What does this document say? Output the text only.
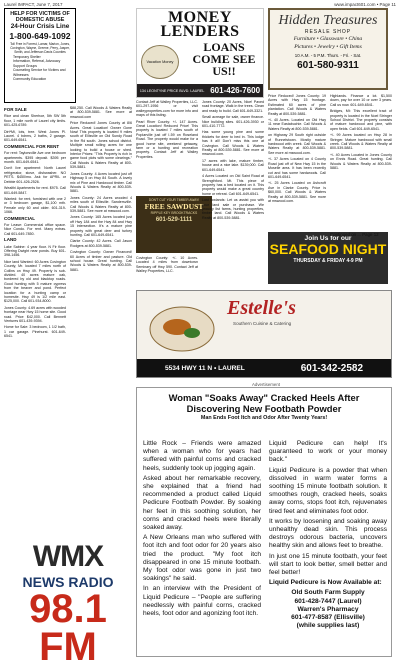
Laurel IMPACT, June 7, 2017	www.impact601.com • Page 11
HELP FOR VICTIMS OF DOMESTIC ABUSE
24-Hour Crisis Line
1-800-649-1092
Toll Free in Forrest, Lamar, Marion, Jones, Covington, Wayne, Greene, Perry, Jasper, Smith, and Jefferson Davis Counties
• Temporary Shelter
• Information, Referral, Advocacy
• Support Groups
• Counseling Service for Victims and Witnesses
• Community Education
FOR SALE

Rice and clean Sherhoe, 5th SW 5th floor, 1 mile north of Laurel city limits. 601-425-6789.

Dirt*Mi, lots, tree. West Jones Pl. Laurel. 4 bdrms, 2 baths, 2 garage. 601-649-6541.

COMMERCIAL FOR RENT

For rent: Taylorsville Ave one bedroom apartments. $395 deposit. $395 per month. 601-649-6541.

Don't live apartment: North Laurel refrigerator, stove, dishwasher. NO PETS. $450/mo. Ask for APRIL or Debbie 601-426-2526.

Wealthi Apartments for rent. $975. Call 601-649-5847.

Wanted: for rent, furnished with one 2 or 3 bedroom garage, $1,100 mth. Female only 60 and older. 601-319-1066.

COMMERCIAL

For Lease: Commercial office space. Nice Condo. For rent. Many extras. Call 601-649-7850.

LAND

Lake Sabine: 4 year floor. N Fir floor. Offering Dwight near ponds. Buy 601-398-1456.

Nice land Wanted: 60 Acres Covington County, Mr. located 7 miles north of Collins on Hwy 49. Property is sub-divided. 40 acres mature oak, bordered by old and blacktop roads. Good hunting with 5 mature cypress from the beaver and pond. Perfect location for a hunting camp or homesite. Hwy 49 is 1/2 mile east. $125,000. Call 601-934-8000.

Jones County: 4.69 acres with wooded frontage near Hwy 15 home site. Good road. Price $42,000. Call Bennett Ventures 601-439-9394.

Home for Sale: 3 bedroom, 1 1/2 bath, 1 car garage. Pinehurst. 601-649-6541.

$88,250. Call Woods & Waters Realty at 800-539-5881. See more at mswood.com

Price Reduced! Jones County at 8/6 Acres. Great Location! Owner Gone Now! This property is located 9 miles south of Ellisville on Old Sundy Road in the Rd south. Jones school district. Multiple small rolling acres for one looking to build a house or shed. Interior Prices: "This Property is rich in game food plots with some clearings." Call Woods & Waters Realty at 800-539-5881.

Jones County: 4 Acres located just off Highway 5 on Hwy 84 South. A lovely mix of Pine and Hardwood timber. Call Woods & Waters Realty at 800-539-5881.

Jones County: 24 Acres wooded 4 miles south of Ellisville. Sandersville. Call Woods & Waters Realty at 800-539-5881. See more at mswood.com.

Jones County: 165 Acres located just off Hwy 184 and the Hwy 84 and Hwy 15 intersection. It's a mature pine property with great deer and turkey hunting. Call 601-649-6541.

Clarke County: 42 Acres. Call Jason Rodgers at 800-539-5881.

Covington County: Owner Financed! 60 Acres of timber and pasture. Old school house. Great hunting. Call Woods & Waters Realty at 800-539-5881.

MONEY LENDERS
Vacation Money
LOANS COME SEE US!!
134 LEONTYNE PRICE BLVD. LAUREL 601-426-7600
Hidden Treasures
RESALE SHOP
Furniture • Glassware • China
Pictures • Jewelry • Gift Items
10 A.M. - 5 P.M. Thurs. - Fri. - Sat.
601-580-9311

Contact Jeff at Walley Properties, LLC. 601-297-1956 or visit walleyproperties.com for more info and maps of this listing.

Pearl River County: +/- 147 Acres. Great Location! Reduced Price! This property is located 7 miles south of Poplarville just off I-59 on Roseland Road. The property would make for a good home site, weekend getaway, farm or a hunting and recreation property. Contact Jeff at Walley Properties.

Covington County: +/- 10 Acres. Located 4 miles from downtown Seminary off Hwy 590. Contact Jeff at Walley Properties, LLC.

DON'T CUT YOUR TIMBER AWAY!
FREE SAWDUST
RIPPLE KEY BROOKTRACKS
601-529-1111

Jones County: 20 Acres, Nice! Paved road frontage. Walk in the trees. Clean and ready to build. Call 601-649-3321.

Small acreage for sale, owner finance. Nice building sites. 601-426-3930 or 601-410-7772.

Has some young pine and some thickets for deer to bed in. This lodge has it all! Don't miss this one at Covington. Call Woods & Waters Realty at 800-539-5881. See more at mswood.com.

17 acres with lake, mature timber, house and a nice lake. $139,000. Call 601-649-6541.

4 Acres Located on Old Saint Road at Strengthford. Mt. This piece of property has a bed located on it. This property would make a great country home or retreat. Call 601-649-6541.

Lost lowlands: Let us assist you with your land sale or purchase. We proudly list farms, hunting properties, timber land. Call Woods & Waters Realty at 800-539-5881.

Price Reduced! Jones County: 19 Acres with Hwy 15 frontage. Estimated 60 acres of pine plantation. Call Woods & Waters Realty at 800-539-5881.

+/- 40 Acres. Located on Old Hwy 11 near Eastabuchie. Call Woods & Waters Realty at 800-539-5881.

on Highway 29 South right outside of Runnelstown. Mostly mature hardwood with creek. Call Woods & Waters Realty at 800-539-5881. See more at mswood.com.

+/- 37 Acres Located on 4 County Road just off of New Hwy 15 in the Moselle area. It has been recently cut and has some hardwoods. Call 601-649-6541.

+/- 25 Acres Located on Ashcroft Ave in Clarke County. Price is $60,000. Call Woods & Waters Realty at 800-539-5881. See more at mswood.com.

Highlands. Finance a lot. $1,500 down, pay for over 10 or over 3 years. Call us now. 601-649-6541.

Bridges, Mt: This excellent tract of property is located in the Noel Stringer School District. The property consists of mature hardwood and pine, with open fields. Call 601-649-6541.

+/- 99 Acres located on Hwy 28 in Stringer. Mature hardwood with small creek. Call Woods & Waters Realty at 800-539-5881.

+/- 40 Acres Located in Jones County on Ennis Road. Great hunting. Call Woods & Waters Realty at 800-539-5881.

Join Us for our
SEAFOOD NIGHT
THURSDAY & FRIDAY 4-9 PM
Estelle's
Southern Cuisine & Catering
5534 HWY 11 N • LAUREL	601-342-2582
Continued on ... Page 12
Advertisement
Woman "Soaks Away" Cracked Heels After Discovering New Footbath Powder
Man Ends Foot Itch and Odor After Twenty Years!

Little Rock – Friends were amazed when a woman who for years had suffered with painful corns and cracked heels, suddenly took up jogging again.

Asked about her remarkable recovery, she explained that a friend had recommended a product called Liquid Pedicure Footbath Powder. By soaking her feet in this soothing solution, her corns and cracked heels were literally soaked away.

A New Orleans man who suffered with foot itch and foot odor for 20 years also tried the product. "My foot itch disappeared in one 15 minute footbath. My foot odor was gone in just two soakings" he said.

In an interview with the President of Liquid Pedicure – "People are suffering needlessly with painful corns, cracked heels, foot odor and agonizing foot itch.

Liquid Pedicure can help! It's guaranteed to work or your money back."

Liquid Pedicure is a powder that when dissolved in warm water forms a soothing 15 minute footbath solution. It smoothes rough, cracked heels, soaks away corns, stops foot itch, rejuvenates tired feet and eliminates foot odor.

It works by loosening and soaking away unhealthy dead skin. This process destroys odorous bacteria, uncovers healthy skin and allows feet to breathe.

In just one 15 minute footbath, your feet will start to look better, smell better and feel better!

Liquid Pedicure is Now Available at:

Old South Farm Supply
601-428-7447 (Laurel)
Warren's Pharmacy
601-477-8587 (Ellisville)
(while supplies last)
WMX
NEWS RADIO
98.1 FM
